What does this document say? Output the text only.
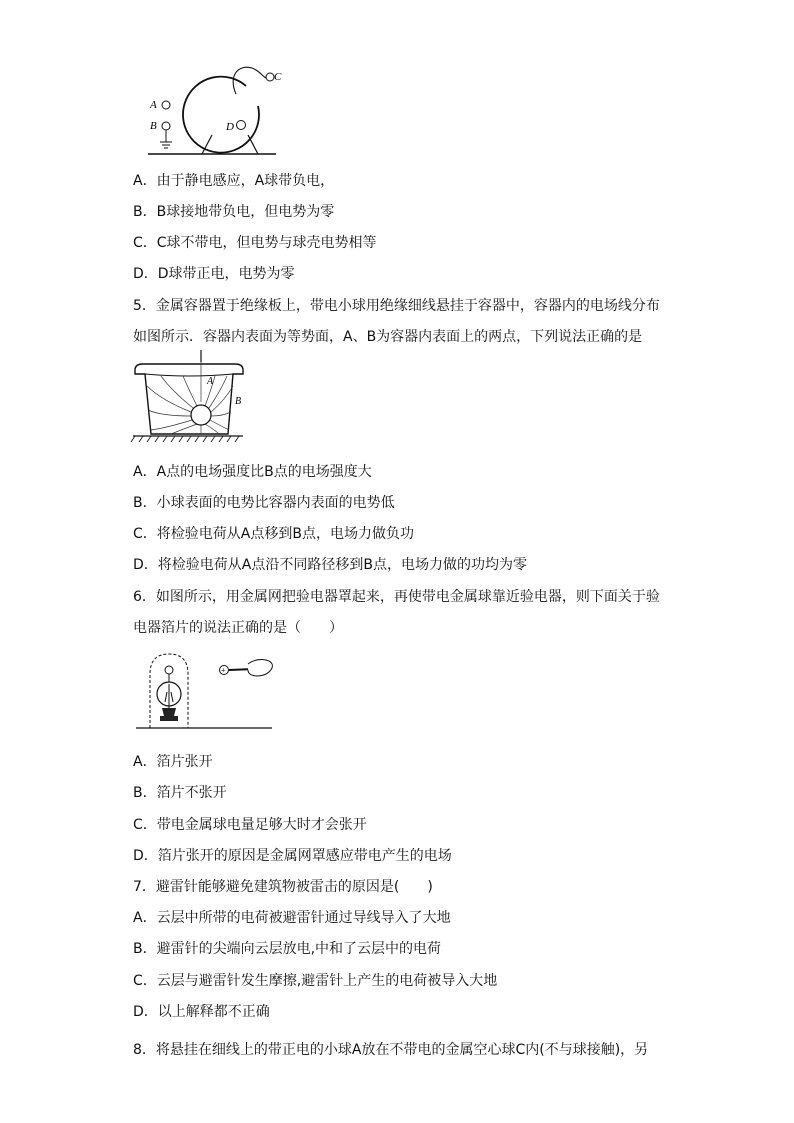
C
A
B	D
A．由于静电感应，A球带负电，
B．B球接地带负电，但电势为零
C．C球不带电，但电势与球壳电势相等
D．D球带正电，电势为零
5．金属容器置于绝缘板上，带电小球用绝缘细线悬挂于容器中，容器内的电场线分布
如图所示．容器内表面为等势面，A、B为容器内表面上的两点，下列说法正确的是
A
B
A．A点的电场强度比B点的电场强度大
B．小球表面的电势比容器内表面的电势低
C．将检验电荷从A点移到B点，电场力做负功
D．将检验电荷从A点沿不同路径移到B点，电场力做的功均为零
6．如图所示，用金属网把验电器罩起来，再使带电金属球靠近验电器，则下面关于验
电器箔片的说法正确的是（　　）
+
A．箔片张开
B．箔片不张开
C．带电金属球电量足够大时才会张开
D．箔片张开的原因是金属网罩感应带电产生的电场
7．避雷针能够避免建筑物被雷击的原因是(　　)
A．云层中所带的电荷被避雷针通过导线导入了大地
B．避雷针的尖端向云层放电,中和了云层中的电荷
C．云层与避雷针发生摩擦,避雷针上产生的电荷被导入大地
D．以上解释都不正确
8．将悬挂在细线上的带正电的小球A放在不带电的金属空心球C内(不与球接触)，另
